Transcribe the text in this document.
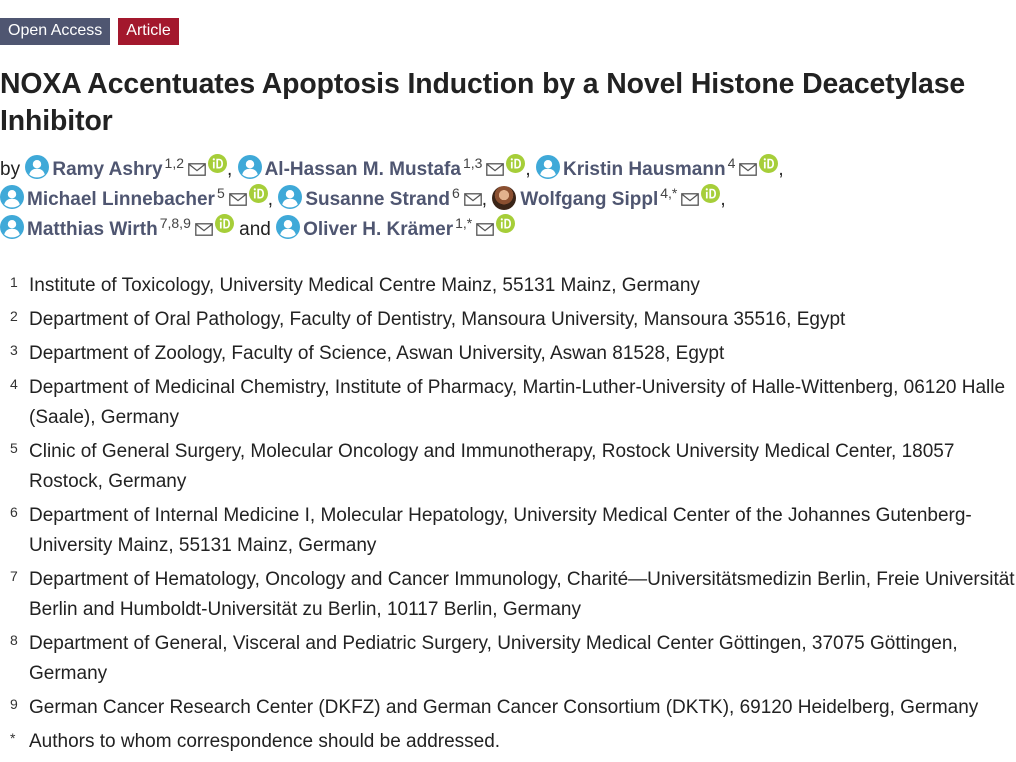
Open Access	Article
NOXA Accentuates Apoptosis Induction by a Novel Histone Deacetylase Inhibitor
by Ramy Ashry $^{1,2}$ , Al-Hassan M. Mustafa $^{1,3}$ , Kristin Hausmann $^4$ ,
Michael Linnebacher $^5$ , Susanne Strand $^6$ , Wolfgang Sippl $^{4,*}$ ,
Matthias Wirth $^{7,8,9}$	and Oliver H. Krämer $^{1,*}$
1 Institute of Toxicology, University Medical Centre Mainz, 55131 Mainz, Germany
2 Department of Oral Pathology, Faculty of Dentistry, Mansoura University, Mansoura 35516, Egypt
3 Department of Zoology, Faculty of Science, Aswan University, Aswan 81528, Egypt
4 Department of Medicinal Chemistry, Institute of Pharmacy, Martin-Luther-University of Halle-Wittenberg, 06120 Halle (Saale), Germany
5 Clinic of General Surgery, Molecular Oncology and Immunotherapy, Rostock University Medical Center, 18057 Rostock, Germany
6 Department of Internal Medicine I, Molecular Hepatology, University Medical Center of the Johannes Gutenberg-University Mainz, 55131 Mainz, Germany
7 Department of Hematology, Oncology and Cancer Immunology, Charité—Universitätsmedizin Berlin, Freie Universität Berlin and Humboldt-Universität zu Berlin, 10117 Berlin, Germany
8 Department of General, Visceral and Pediatric Surgery, University Medical Center Göttingen, 37075 Göttingen, Germany
9 German Cancer Research Center (DKFZ) and German Cancer Consortium (DKTK), 69120 Heidelberg, Germany
* Authors to whom correspondence should be addressed.
